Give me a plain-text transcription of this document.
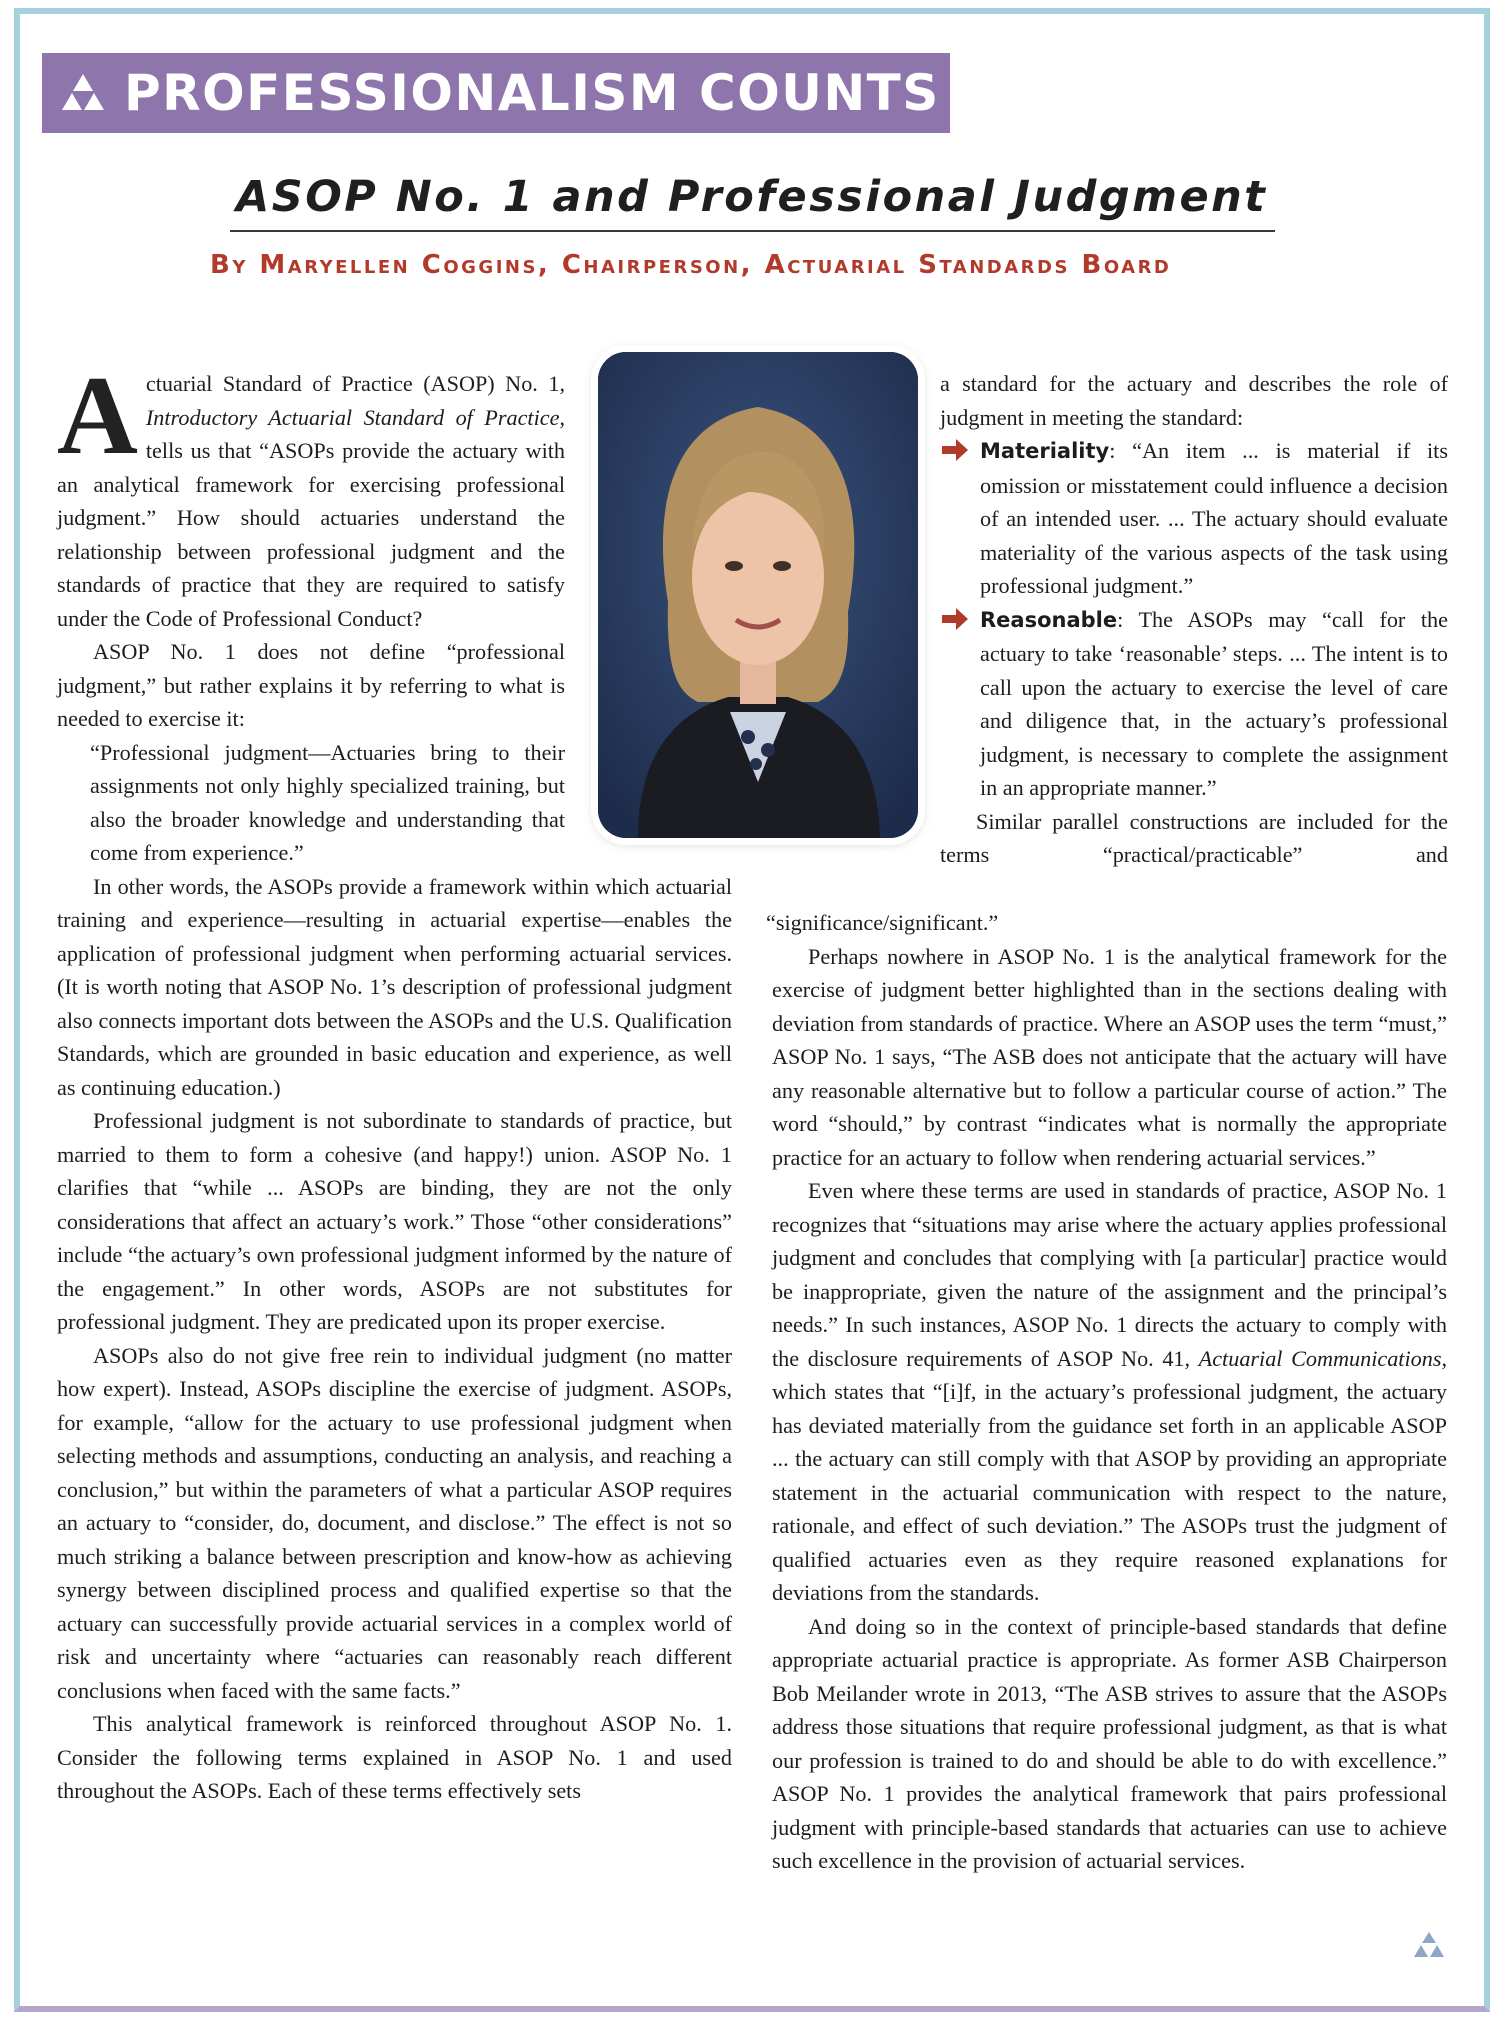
PROFESSIONALISM COUNTS
ASOP No. 1 and Professional Judgment
By Maryellen Coggins, Chairperson, Actuarial Standards Board

Actuarial Standard of Practice (ASOP) No. 1, Introductory Actuarial Standard of Practice, tells us that “ASOPs provide the actuary with an analytical framework for exercising professional judgment.” How should actuaries understand the relationship between professional judgment and the standards of practice that they are required to satisfy under the Code of Professional Conduct?

ASOP No. 1 does not define “professional judgment,” but rather explains it by referring to what is needed to exercise it:

“Professional judgment—Actuaries bring to their assignments not only highly specialized training, but also the broader knowledge and understanding that come from experience.”

In other words, the ASOPs provide a framework within which actuarial training and experience—resulting in actuarial expertise—enables the application of professional judgment when performing actuarial services. (It is worth noting that ASOP No. 1’s description of professional judgment also connects important dots between the ASOPs and the U.S. Qualification Standards, which are grounded in basic education and experience, as well as continuing education.)

Professional judgment is not subordinate to standards of practice, but married to them to form a cohesive (and happy!) union. ASOP No. 1 clarifies that “while ... ASOPs are binding, they are not the only considerations that affect an actuary’s work.” Those “other considerations” include “the actuary’s own professional judgment informed by the nature of the engagement.” In other words, ASOPs are not substitutes for professional judgment. They are predicated upon its proper exercise.

ASOPs also do not give free rein to individual judgment (no matter how expert). Instead, ASOPs discipline the exercise of judgment. ASOPs, for example, “allow for the actuary to use professional judgment when selecting methods and assumptions, conducting an analysis, and reaching a conclusion,” but within the parameters of what a particular ASOP requires an actuary to “consider, do, document, and disclose.” The effect is not so much striking a balance between prescription and know-how as achieving synergy between disciplined process and qualified expertise so that the actuary can successfully provide actuarial services in a complex world of risk and uncertainty where “actuaries can reasonably reach different conclusions when faced with the same facts.”

This analytical framework is reinforced throughout ASOP No. 1. Consider the following terms explained in ASOP No. 1 and used throughout the ASOPs. Each of these terms effectively sets

a standard for the actuary and describes the role of judgment in meeting the standard:

Materiality: “An item ... is material if its omission or misstatement could influence a decision of an intended user. ... The actuary should evaluate materiality of the various aspects of the task using professional judgment.”

Reasonable: The ASOPs may “call for the actuary to take ‘reasonable’ steps. ... The intent is to call upon the actuary to exercise the level of care and diligence that, in the actuary’s professional judgment, is necessary to complete the assignment in an appropriate manner.”

Similar parallel constructions are included for the terms “practical/practicable” and

“significance/significant.”

Perhaps nowhere in ASOP No. 1 is the analytical framework for the exercise of judgment better highlighted than in the sections dealing with deviation from standards of practice. Where an ASOP uses the term “must,” ASOP No. 1 says, “The ASB does not anticipate that the actuary will have any reasonable alternative but to follow a particular course of action.” The word “should,” by contrast “indicates what is normally the appropriate practice for an actuary to follow when rendering actuarial services.”

Even where these terms are used in standards of practice, ASOP No. 1 recognizes that “situations may arise where the actuary applies professional judgment and concludes that complying with [a particular] practice would be inappropriate, given the nature of the assignment and the principal’s needs.” In such instances, ASOP No. 1 directs the actuary to comply with the disclosure requirements of ASOP No. 41, Actuarial Communications, which states that “[i]f, in the actuary’s professional judgment, the actuary has deviated materially from the guidance set forth in an applicable ASOP ... the actuary can still comply with that ASOP by providing an appropriate statement in the actuarial communication with respect to the nature, rationale, and effect of such deviation.” The ASOPs trust the judgment of qualified actuaries even as they require reasoned explanations for deviations from the standards.

And doing so in the context of principle-based standards that define appropriate actuarial practice is appropriate. As former ASB Chairperson Bob Meilander wrote in 2013, “The ASB strives to assure that the ASOPs address those situations that require professional judgment, as that is what our profession is trained to do and should be able to do with excellence.” ASOP No. 1 provides the analytical framework that pairs professional judgment with principle-based standards that actuaries can use to achieve such excellence in the provision of actuarial services.
